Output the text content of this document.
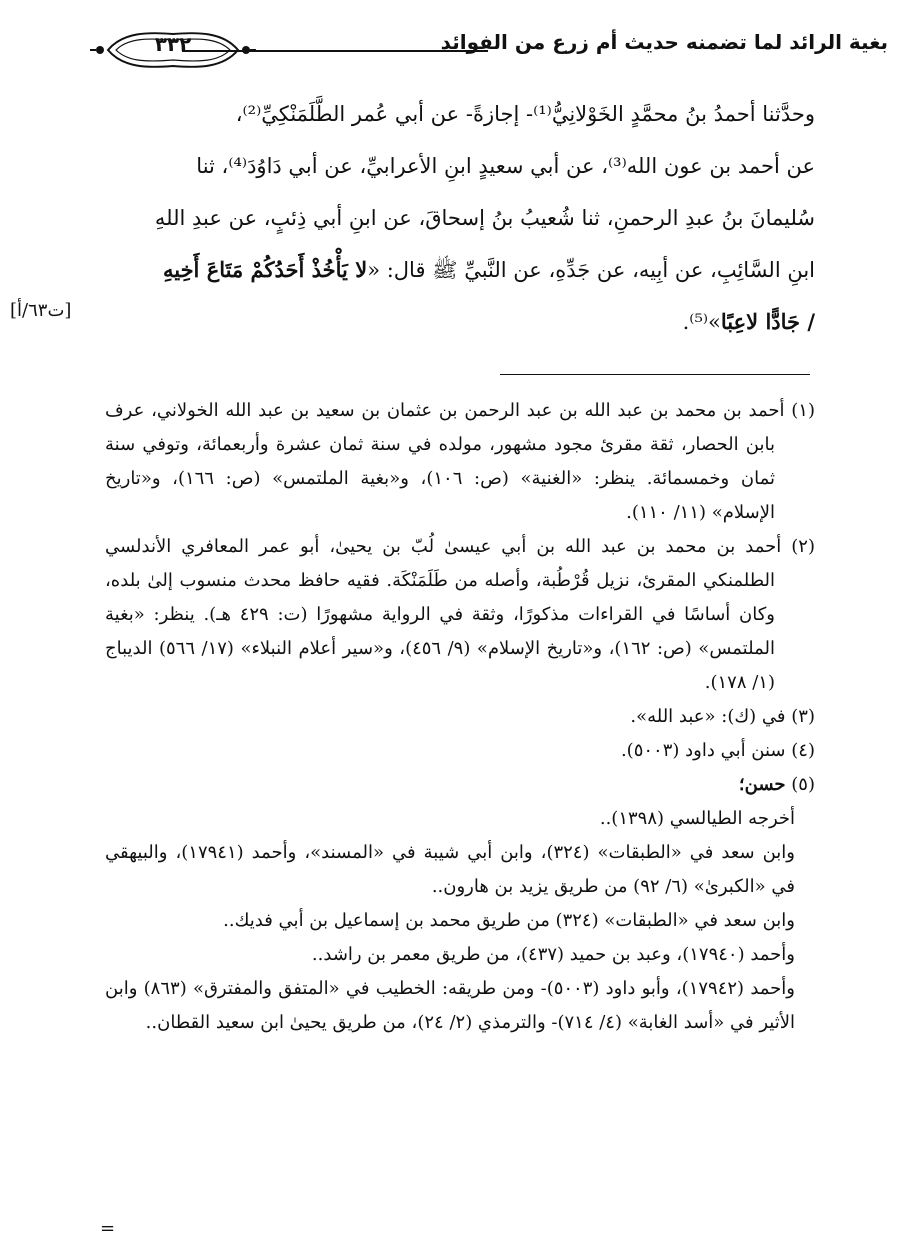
بغية الرائد لما تضمنه حديث أم زرع من الفوائد
٣٣٢

وحدَّثنا أحمدُ بنُ محمَّدٍ الخَوْلانِيُّ⁽¹⁾- إجازةً- عن أبي عُمر الطَّلَمَنْكِيِّ⁽²⁾،

عن أحمد بن عون الله⁽³⁾، عن أبي سعيدٍ ابنِ الأعرابيِّ، عن أبي دَاوُدَ⁽⁴⁾، ثنا

سُليمانَ بنُ عبدِ الرحمنِ، ثنا شُعيبُ بنُ إسحاقَ، عن ابنِ أبي ذِئبٍ، عن عبدِ اللهِ

ابنِ السَّائِبِ، عن أبِيه، عن جَدِّهِ، عن النَّبيِّ ﷺ قال: «لا يَأْخُذْ أَحَدُكُمْ مَتَاعَ أَخِيهِ

/ جَادًّا لاعِبًا»⁽⁵⁾.

[ت٦٣/أ]

(١) أحمد بن محمد بن عبد الله بن عبد الرحمن بن عثمان بن سعيد بن عبد الله الخولاني، عرف بابن الحصار، ثقة مقرئ مجود مشهور، مولده في سنة ثمان عشرة وأربعمائة، وتوفي سنة ثمان وخمسمائة. ينظر: «الغنية» (ص: ١٠٦)، و«بغية الملتمس» (ص: ١٦٦)، و«تاريخ الإسلام» (١١/ ١١٠).

(٢) أحمد بن محمد بن عبد الله بن أبي عيسىٰ لُبّ بن يحيىٰ، أبو عمر المعافري الأندلسي الطلمنكي المقرئ، نزيل قُرْطُبة، وأصله من طَلَمَنْكَة. فقيه حافظ محدث منسوب إلىٰ بلده، وكان أساسًا في القراءات مذكورًا، وثقة في الرواية مشهورًا (ت: ٤٢٩ هـ). ينظر: «بغية الملتمس» (ص: ١٦٢)، و«تاريخ الإسلام» (٩/ ٤٥٦)، و«سير أعلام النبلاء» (١٧/ ٥٦٦) الديباج (١/ ١٧٨).

(٣) في (ك): «عبد الله».

(٤) سنن أبي داود (٥٠٠٣).

(٥) حسن؛

أخرجه الطيالسي (١٣٩٨)..

وابن سعد في «الطبقات» (٣٢٤)، وابن أبي شيبة في «المسند»، وأحمد (١٧٩٤١)، والبيهقي في «الكبرىٰ» (٦/ ٩٢) من طريق يزيد بن هارون..

وابن سعد في «الطبقات» (٣٢٤) من طريق محمد بن إسماعيل بن أبي فديك..

وأحمد (١٧٩٤٠)، وعبد بن حميد (٤٣٧)، من طريق معمر بن راشد..

وأحمد (١٧٩٤٢)، وأبو داود (٥٠٠٣)- ومن طريقه: الخطيب في «المتفق والمفترق» (٨٦٣) وابن الأثير في «أسد الغابة» (٤/ ٧١٤)- والترمذي (٢/ ٢٤)، من طريق يحيىٰ ابن سعيد القطان..

=
